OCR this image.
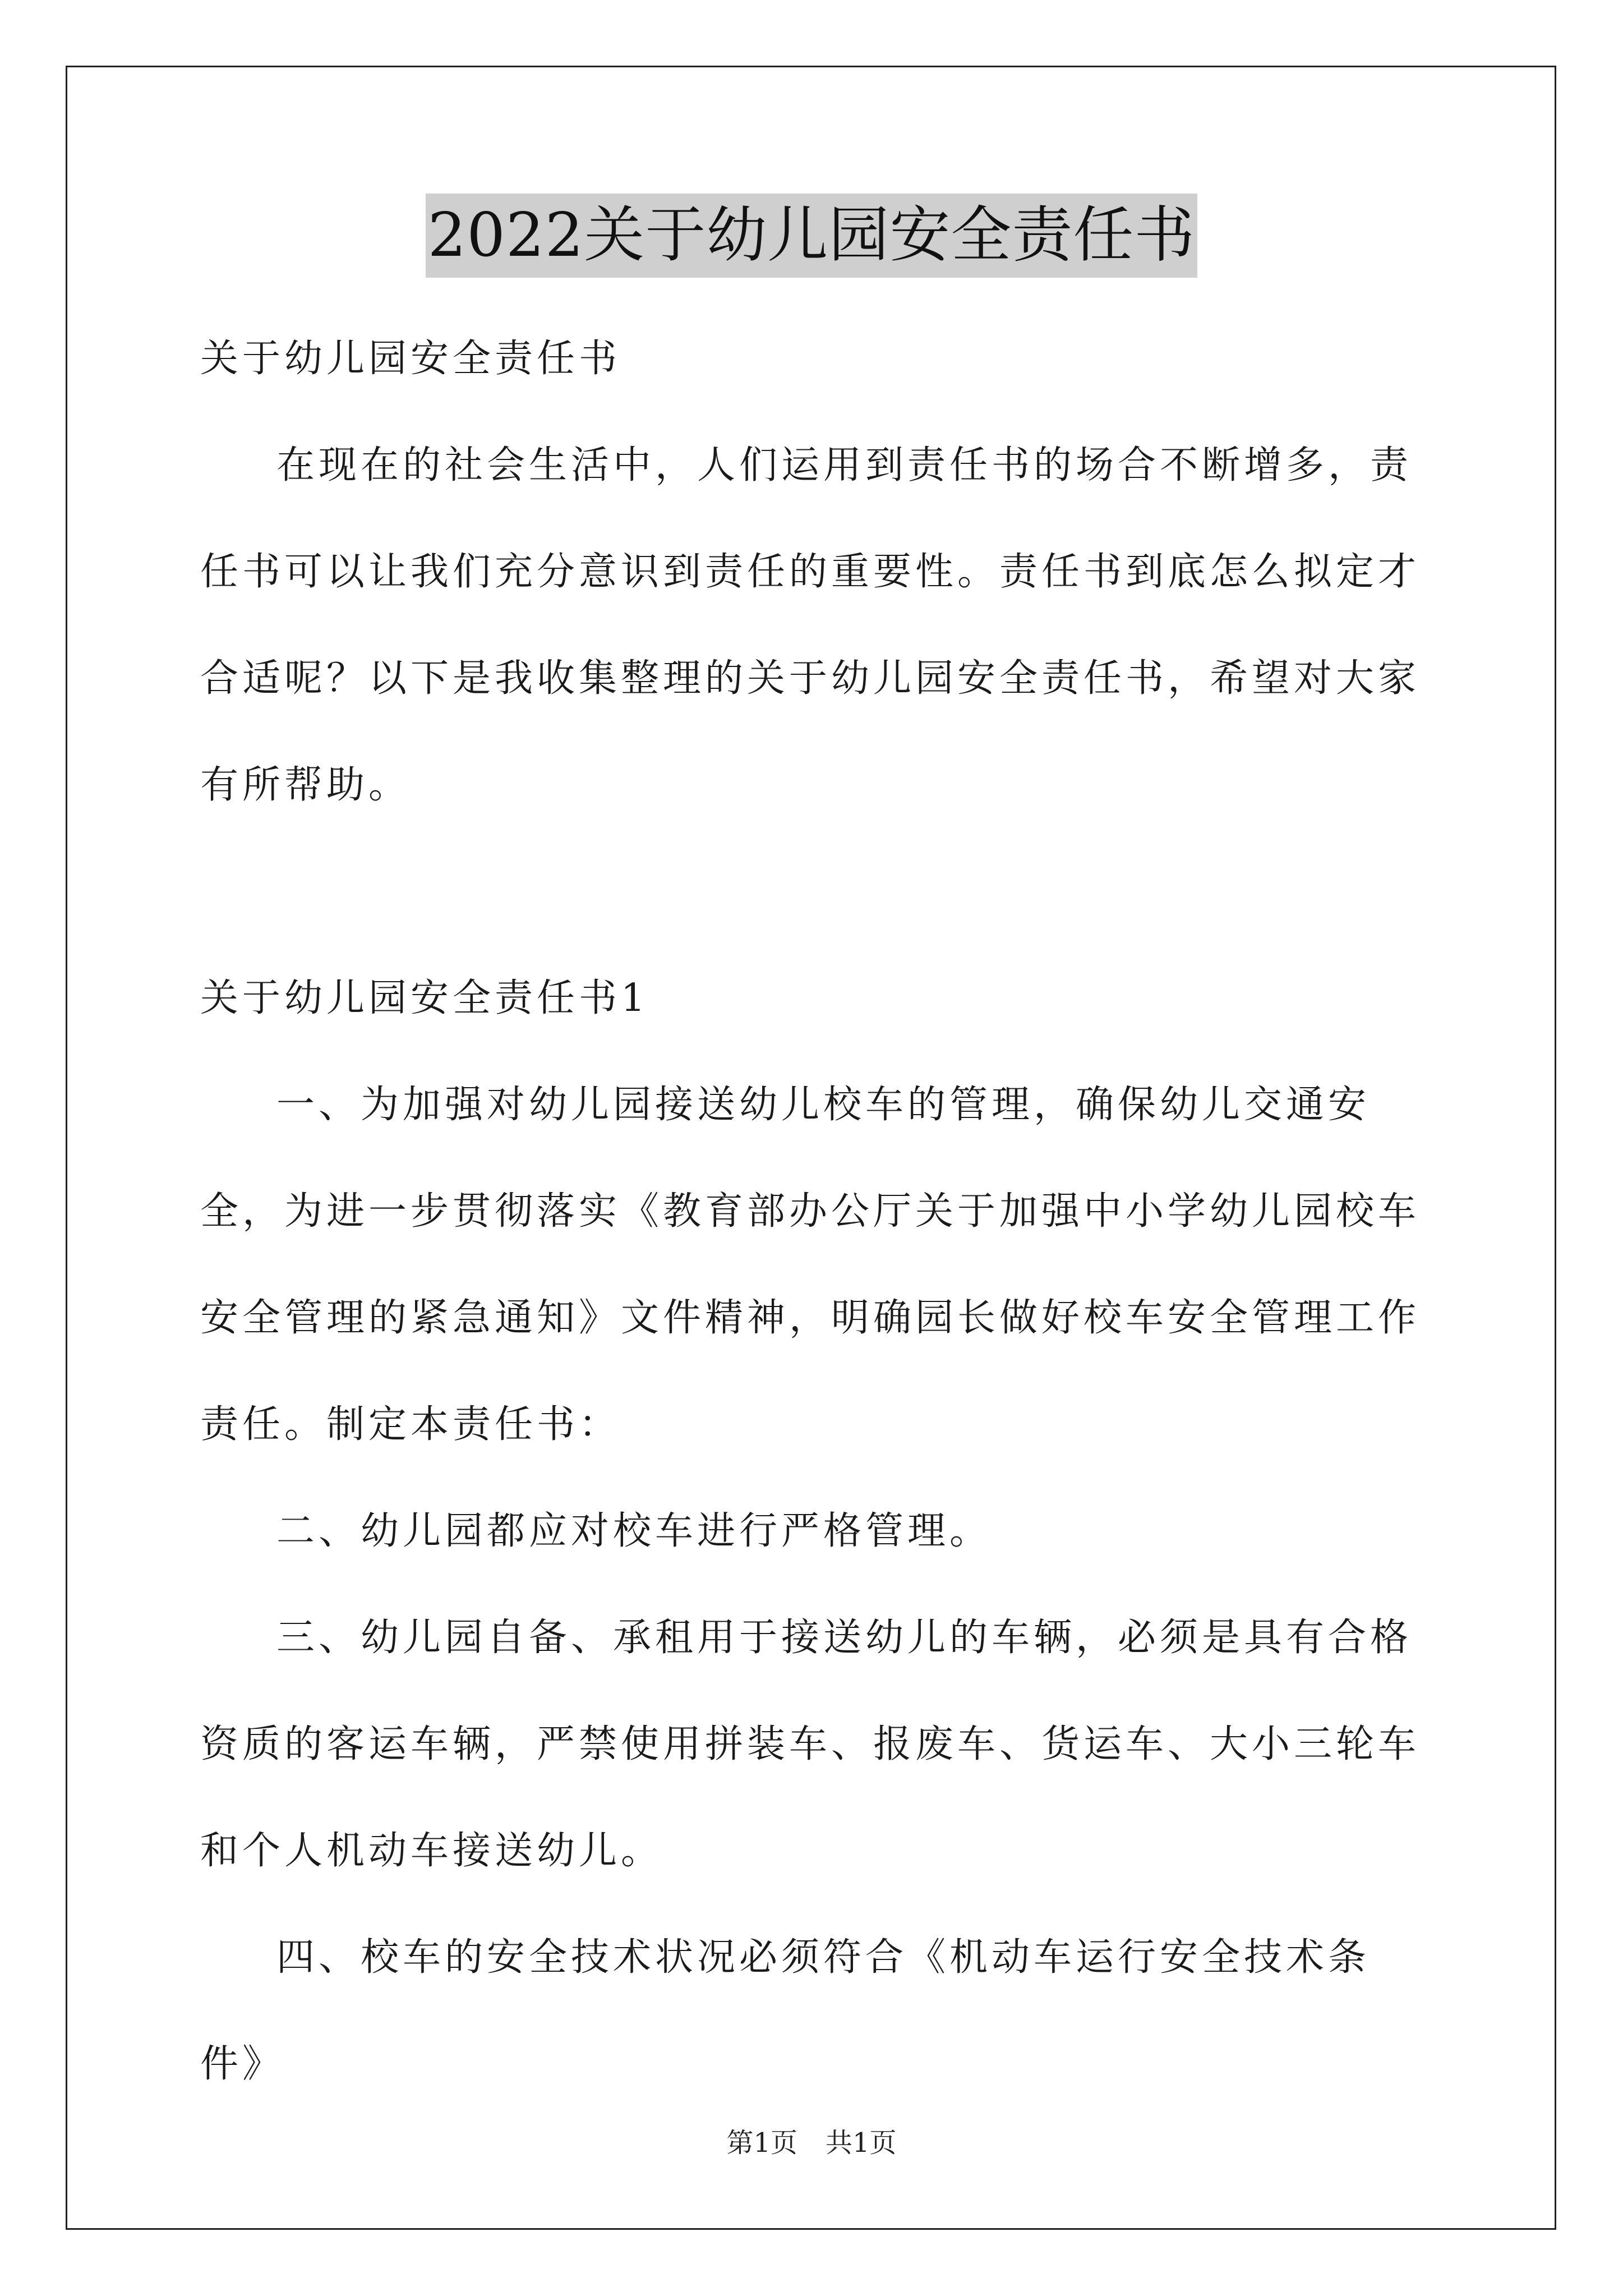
2022关于幼儿园安全责任书

关于幼儿园安全责任书

在现在的社会生活中，人们运用到责任书的场合不断增多，责任书可以让我们充分意识到责任的重要性。责任书到底怎么拟定才合适呢？以下是我收集整理的关于幼儿园安全责任书，希望对大家有所帮助。

关于幼儿园安全责任书1

一、为加强对幼儿园接送幼儿校车的管理，确保幼儿交通安全，为进一步贯彻落实《教育部办公厅关于加强中小学幼儿园校车安全管理的紧急通知》文件精神，明确园长做好校车安全管理工作责任。制定本责任书：

二、幼儿园都应对校车进行严格管理。

三、幼儿园自备、承租用于接送幼儿的车辆，必须是具有合格资质的客运车辆，严禁使用拼装车、报废车、货运车、大小三轮车和个人机动车接送幼儿。

四、校车的安全技术状况必须符合《机动车运行安全技术条件》

第1页 共1页
